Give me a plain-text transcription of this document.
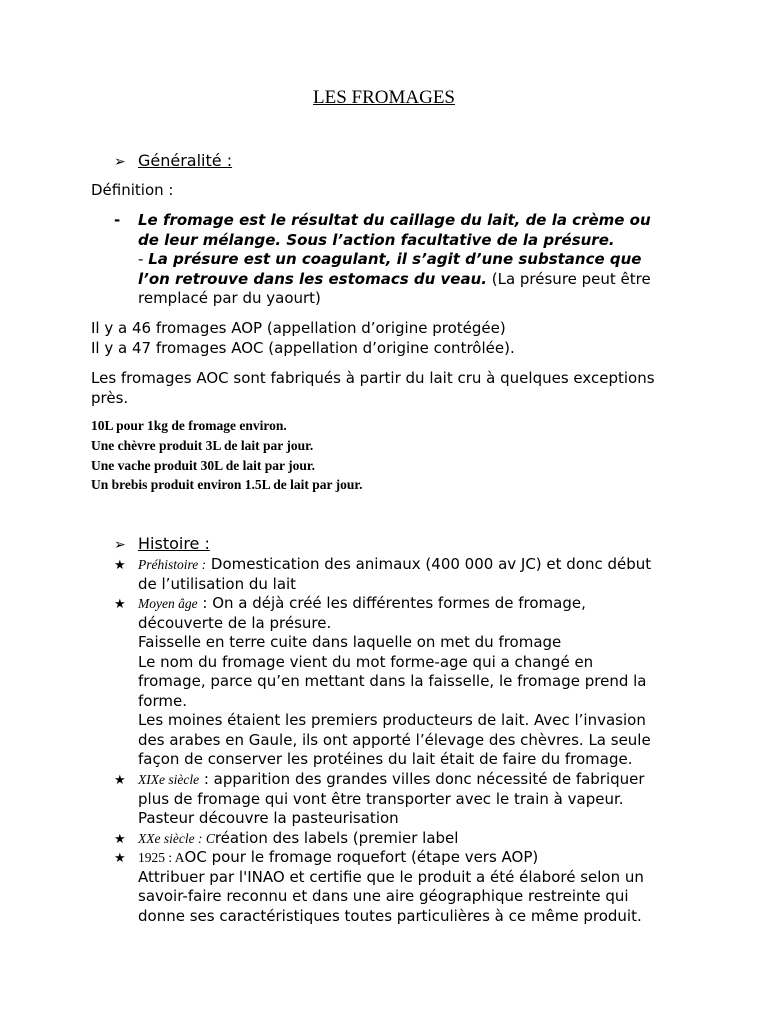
LES FROMAGES
➢ Généralité :
Définition :
- Le fromage est le résultat du caillage du lait, de la crème ou

de leur mélange. Sous l’action facultative de la présure.

- La présure est un coagulant, il s’agit d’une substance que

l’on retrouve dans les estomacs du veau. (La présure peut être

remplacé par du yaourt)

Il y a 46 fromages AOP (appellation d’origine protégée)

Il y a 47 fromages AOC (appellation d’origine contrôlée).

Les fromages AOC sont fabriqués à partir du lait cru à quelques exceptions

près.

10L pour 1kg de fromage environ.

Une chèvre produit 3L de lait par jour.

Une vache produit 30L de lait par jour.

Un brebis produit environ 1.5L de lait par jour.

➢ Histoire :
★ Préhistoire : Domestication des animaux (400 000 av JC) et donc début

de l’utilisation du lait

★ Moyen âge : On a déjà créé les différentes formes de fromage,

découverte de la présure.

Faisselle en terre cuite dans laquelle on met du fromage

Le nom du fromage vient du mot forme-age qui a changé en

fromage, parce qu’en mettant dans la faisselle, le fromage prend la

forme.

Les moines étaient les premiers producteurs de lait. Avec l’invasion

des arabes en Gaule, ils ont apporté l’élevage des chèvres. La seule

façon de conserver les protéines du lait était de faire du fromage.

★ XIXe siècle : apparition des grandes villes donc nécessité de fabriquer

plus de fromage qui vont être transporter avec le train à vapeur.

Pasteur découvre la pasteurisation

★ XXe siècle : Création des labels (premier label

★ 1925 : AOC pour le fromage roquefort (étape vers AOP)

Attribuer par l'INAO et certifie que le produit a été élaboré selon un

savoir-faire reconnu et dans une aire géographique restreinte qui

donne ses caractéristiques toutes particulières à ce même produit.
